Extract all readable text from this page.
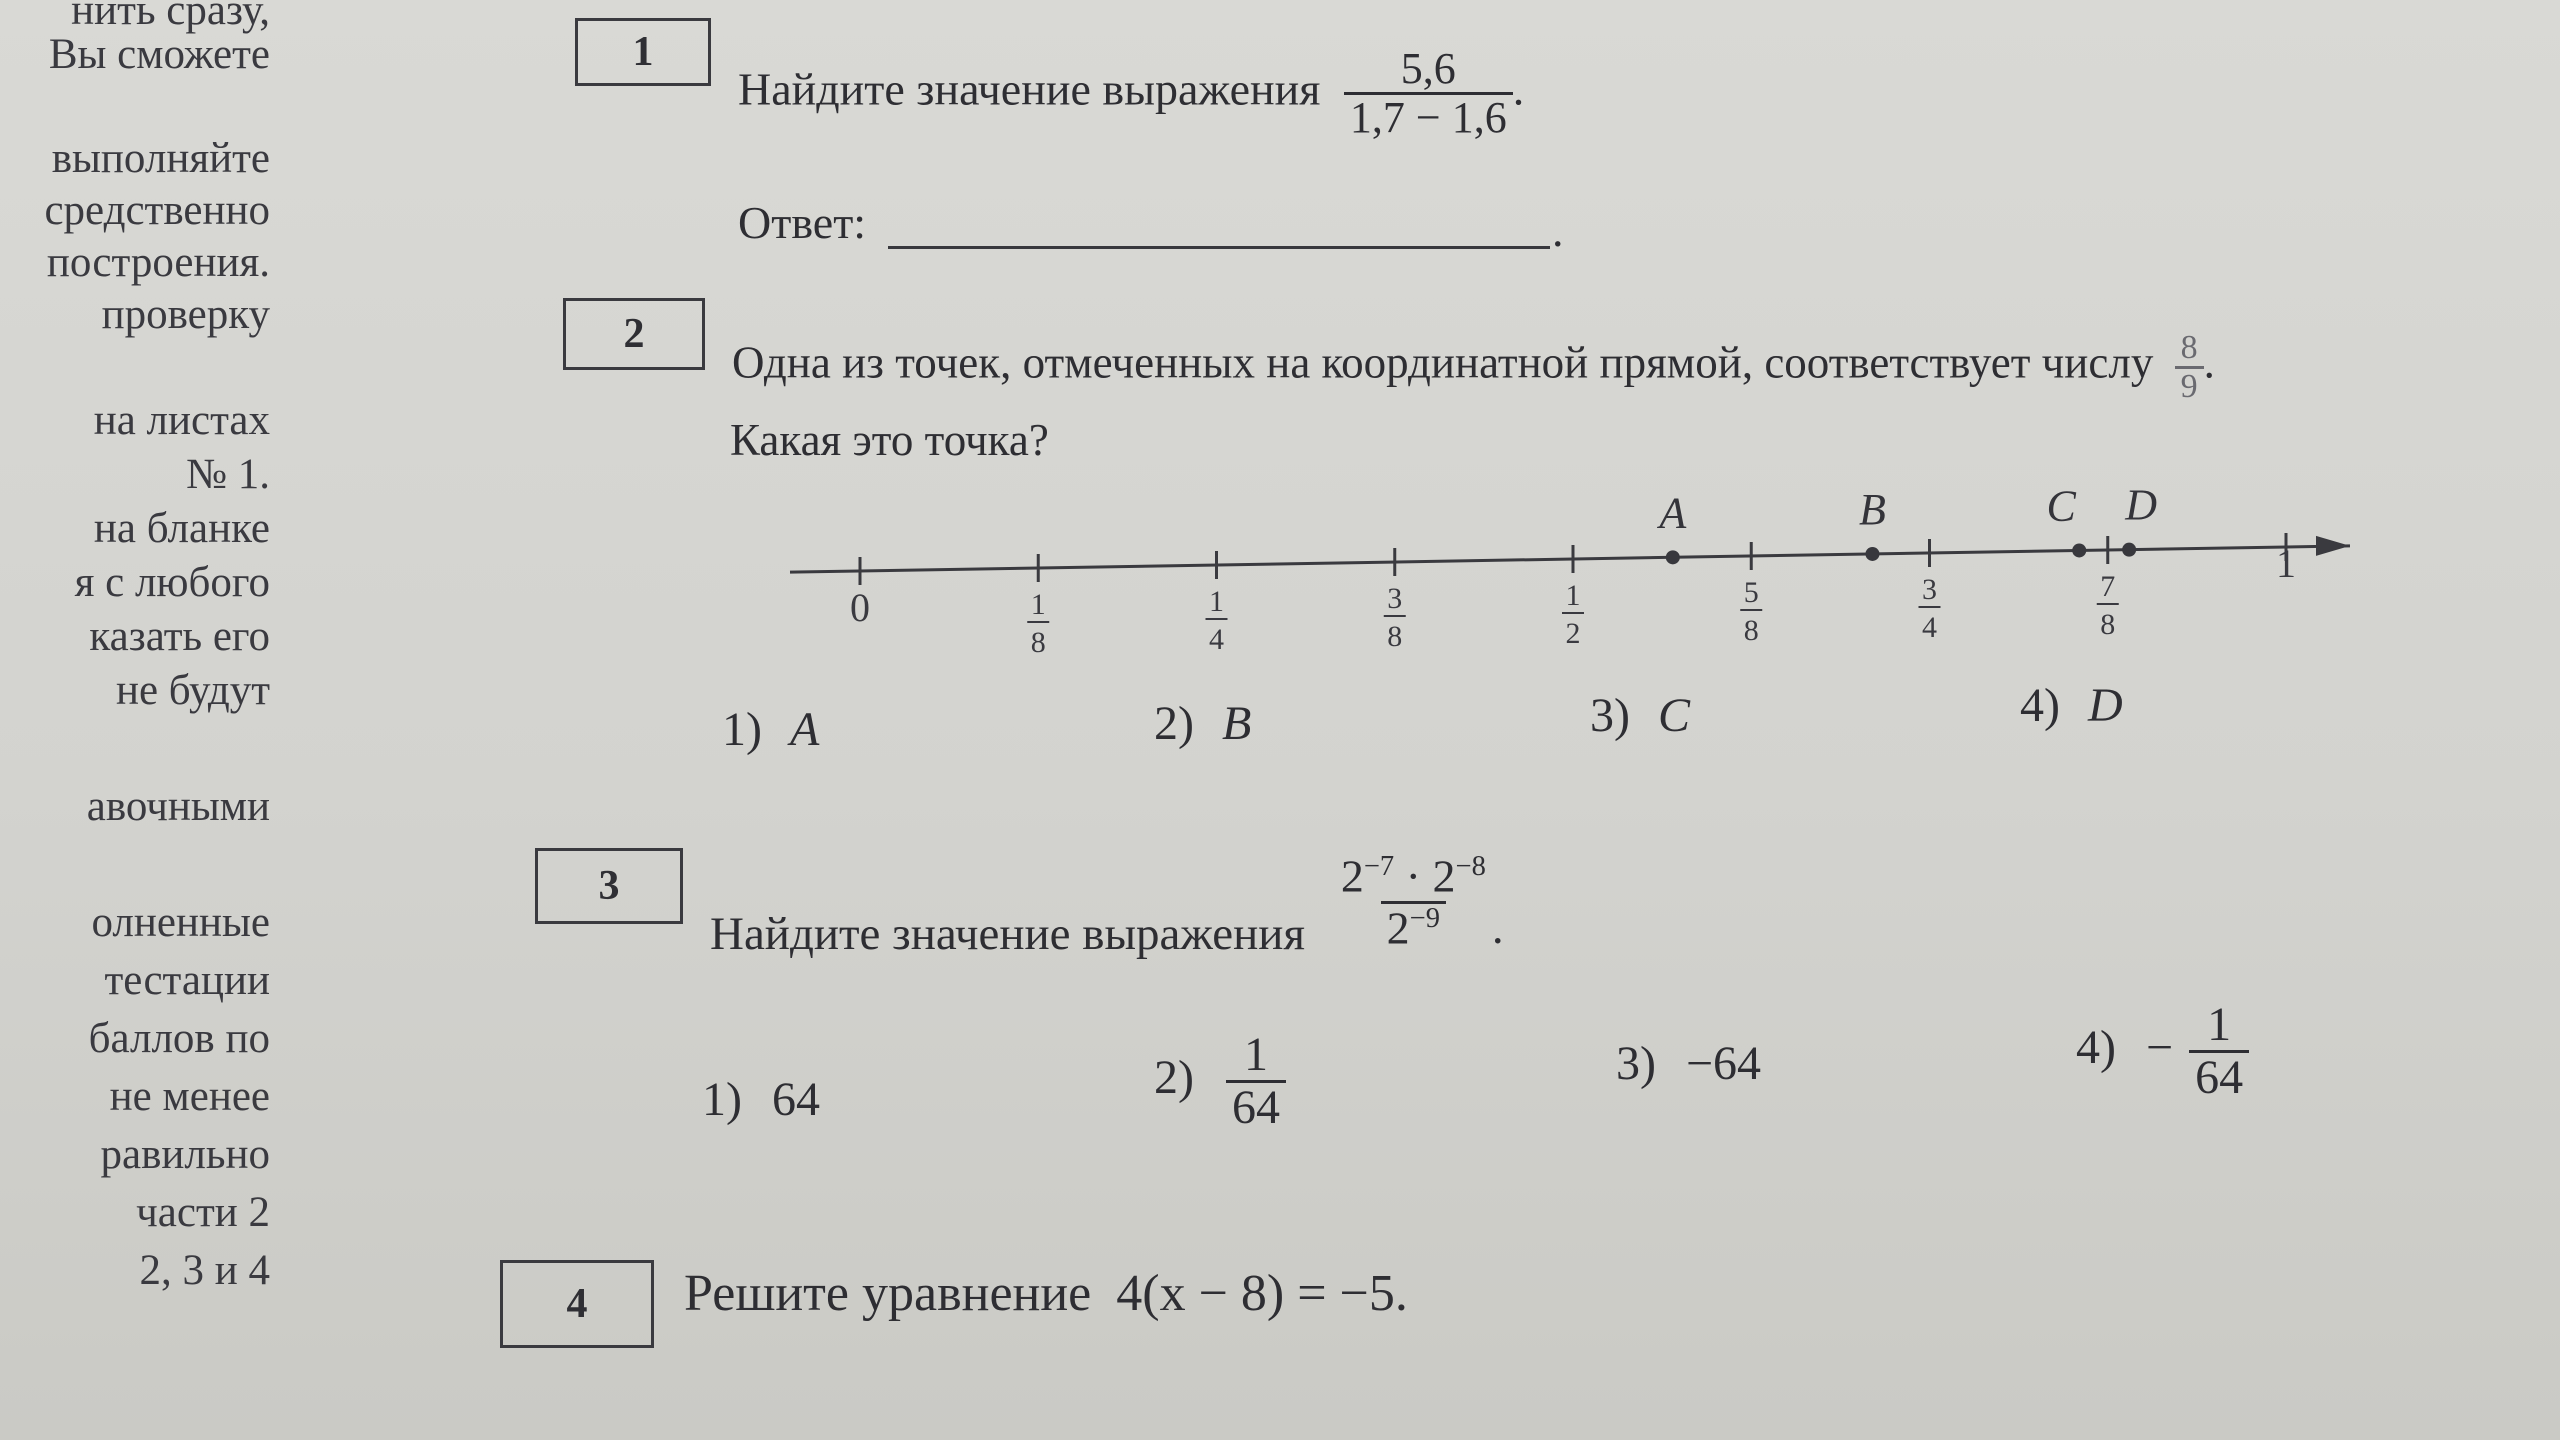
нить сразу,
Вы сможете
выполняйте
средственно
построения.
проверку
на листах
№ 1.
на бланке
я с любого
казать его
не будут
авочными
олненные
тестации
баллов по
не менее
равильно
части 2
2, 3 и 4
1
Найдите значение выражения $\frac{5,6}{1,7 - 1,6}$ .
Ответ:	.
2
Одна из точек, отмеченных на координатной прямой, соответствует числу $\frac{8}{9}$ .
Какая это точка?
0	1
8
1
4
3
8
1
2
5
8
3
4
7
8
1
A	B	C D
1) A	2) B	3) C	4) D
3
Найдите значение выражения $\frac{2^{-7} \cdot 2^{-8}}{2^{-9}}$ .
1) 64	$2) \frac{1}{64}$	3) −64	$4) - \frac{1}{64}$
4	Решите уравнение 4(x − 8) = −5.
